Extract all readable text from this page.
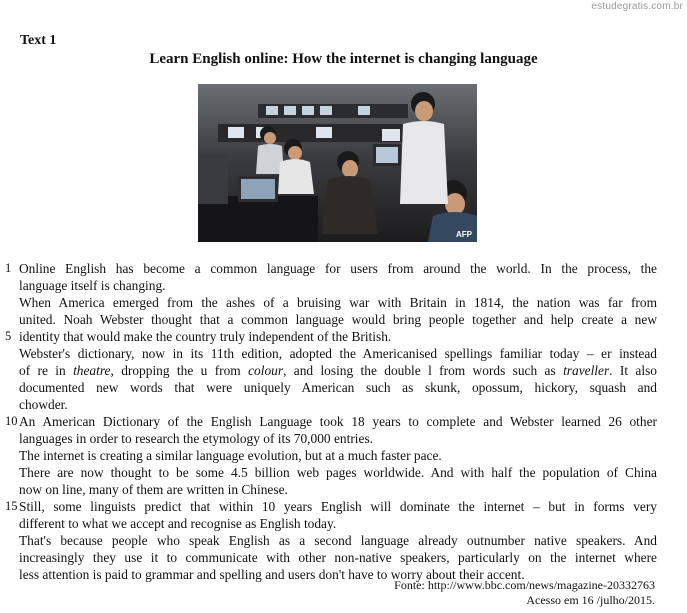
estudegratis.com.br
Text 1
Learn English online: How the internet is changing language
AFP
1 Online English has become a common language for users from around the world. In the process, the
language itself is changing.
When America emerged from the ashes of a bruising war with Britain in 1814, the nation was far from
united. Noah Webster thought that a common language would bring people together and help create a new
5 identity that would make the country truly independent of the British.
Webster's dictionary, now in its 11th edition, adopted the Americanised spellings familiar today – er instead
of re in theatre, dropping the u from colour, and losing the double l from words such as traveller. It also
documented new words that were uniquely American such as skunk, opossum, hickory, squash and
chowder.
10 An American Dictionary of the English Language took 18 years to complete and Webster learned 26 other
languages in order to research the etymology of its 70,000 entries.
The internet is creating a similar language evolution, but at a much faster pace.
There are now thought to be some 4.5 billion web pages worldwide. And with half the population of China
now on line, many of them are written in Chinese.
15 Still, some linguists predict that within 10 years English will dominate the internet – but in forms very
different to what we accept and recognise as English today.
That's because people who speak English as a second language already outnumber native speakers. And
increasingly they use it to communicate with other non-native speakers, particularly on the internet where
less attention is paid to grammar and spelling and users don't have to worry about their accent.
Fonte: http://www.bbc.com/news/magazine-20332763
Acesso em 16 /julho/2015.
